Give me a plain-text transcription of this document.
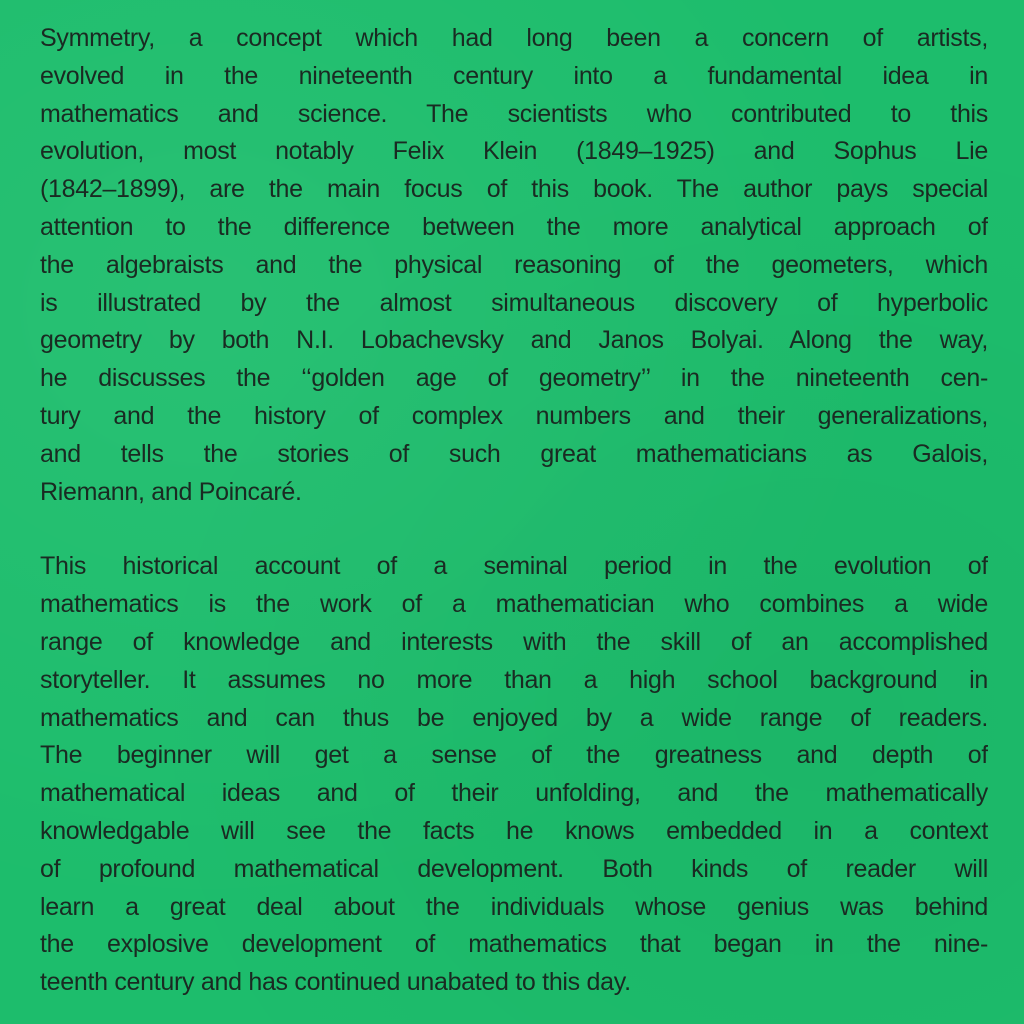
Symmetry, a concept which had long been a concern of artists,
evolved in the nineteenth century into a fundamental idea in
mathematics and science. The scientists who contributed to this
evolution, most notably Felix Klein (1849–1925) and Sophus Lie
(1842–1899), are the main focus of this book. The author pays special
attention to the difference between the more analytical approach of
the algebraists and the physical reasoning of the geometers, which
is illustrated by the almost simultaneous discovery of hyperbolic
geometry by both N.I. Lobachevsky and Janos Bolyai. Along the way,
he discusses the ‘‘golden age of geometry’’ in the nineteenth cen-
tury and the history of complex numbers and their generalizations,
and tells the stories of such great mathematicians as Galois,
Riemann, and Poincaré.

This historical account of a seminal period in the evolution of
mathematics is the work of a mathematician who combines a wide
range of knowledge and interests with the skill of an accomplished
storyteller. It assumes no more than a high school background in
mathematics and can thus be enjoyed by a wide range of readers.
The beginner will get a sense of the greatness and depth of
mathematical ideas and of their unfolding, and the mathematically
knowledgable will see the facts he knows embedded in a context
of profound mathematical development. Both kinds of reader will
learn a great deal about the individuals whose genius was behind
the explosive development of mathematics that began in the nine-
teenth century and has continued unabated to this day.
